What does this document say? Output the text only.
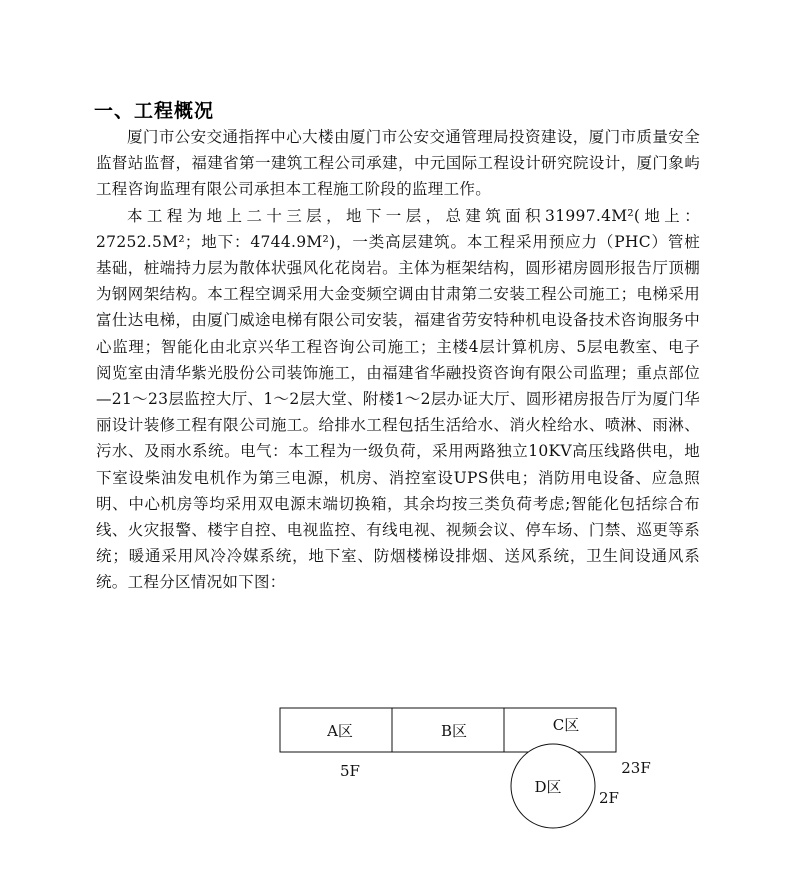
一、工程概况

厦门市公安交通指挥中心大楼由厦门市公安交通管理局投资建设，厦门市质量安全监督站监督，福建省第一建筑工程公司承建，中元国际工程设计研究院设计，厦门象屿工程咨询监理有限公司承担本工程施工阶段的监理工作。

本工程为地上二十三层，地下一层，总建筑面积31997.4M²(地上：27252.5M²；地下：4744.9M²)，一类高层建筑。本工程采用预应力（PHC）管桩基础，桩端持力层为散体状强风化花岗岩。主体为框架结构，圆形裙房圆形报告厅顶棚为钢网架结构。本工程空调采用大金变频空调由甘肃第二安装工程公司施工；电梯采用富仕达电梯，由厦门威途电梯有限公司安装，福建省劳安特种机电设备技术咨询服务中心监理；智能化由北京兴华工程咨询公司施工；主楼4层计算机房、5层电教室、电子阅览室由清华紫光股份公司装饰施工，由福建省华融投资咨询有限公司监理；重点部位—21～23层监控大厅、1～2层大堂、附楼1～2层办证大厅、圆形裙房报告厅为厦门华丽设计装修工程有限公司施工。给排水工程包括生活给水、消火栓给水、喷淋、雨淋、污水、及雨水系统。电气：本工程为一级负荷，采用两路独立10KV高压线路供电，地下室设柴油发电机作为第三电源，机房、消控室设UPS供电；消防用电设备、应急照明、中心机房等均采用双电源末端切换箱，其余均按三类负荷考虑;智能化包括综合布线、火灾报警、楼宇自控、电视监控、有线电视、视频会议、停车场、门禁、巡更等系统；暖通采用风冷冷媒系统，地下室、防烟楼梯设排烟、送风系统，卫生间设通风系统。工程分区情况如下图：

A区	B区	C区
D区
5F	23F
2F
